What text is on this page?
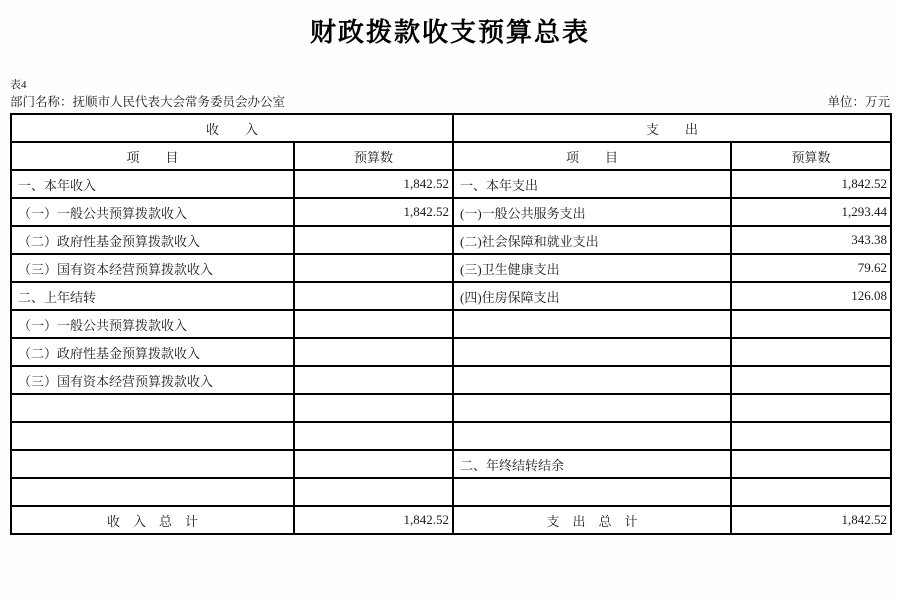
财政拨款收支预算总表
表4
部门名称：抚顺市人民代表大会常务委员会办公室	单位：万元
收　　入		支　　出	
项　　目	预算数	项　　目	预算数
一、本年收入	1,842.52	一、本年支出	1,842.52
（一）一般公共预算拨款收入	1,842.52	(一)一般公共服务支出	1,293.44
（二）政府性基金预算拨款收入		(二)社会保障和就业支出	343.38
（三）国有资本经营预算拨款收入		(三)卫生健康支出	79.62
二、上年结转		(四)住房保障支出	126.08
（一）一般公共预算拨款收入			
（二）政府性基金预算拨款收入			
（三）国有资本经营预算拨款收入			

		二、年终结转结余	

收　入　总　计	1,842.52	支　出　总　计	1,842.52
